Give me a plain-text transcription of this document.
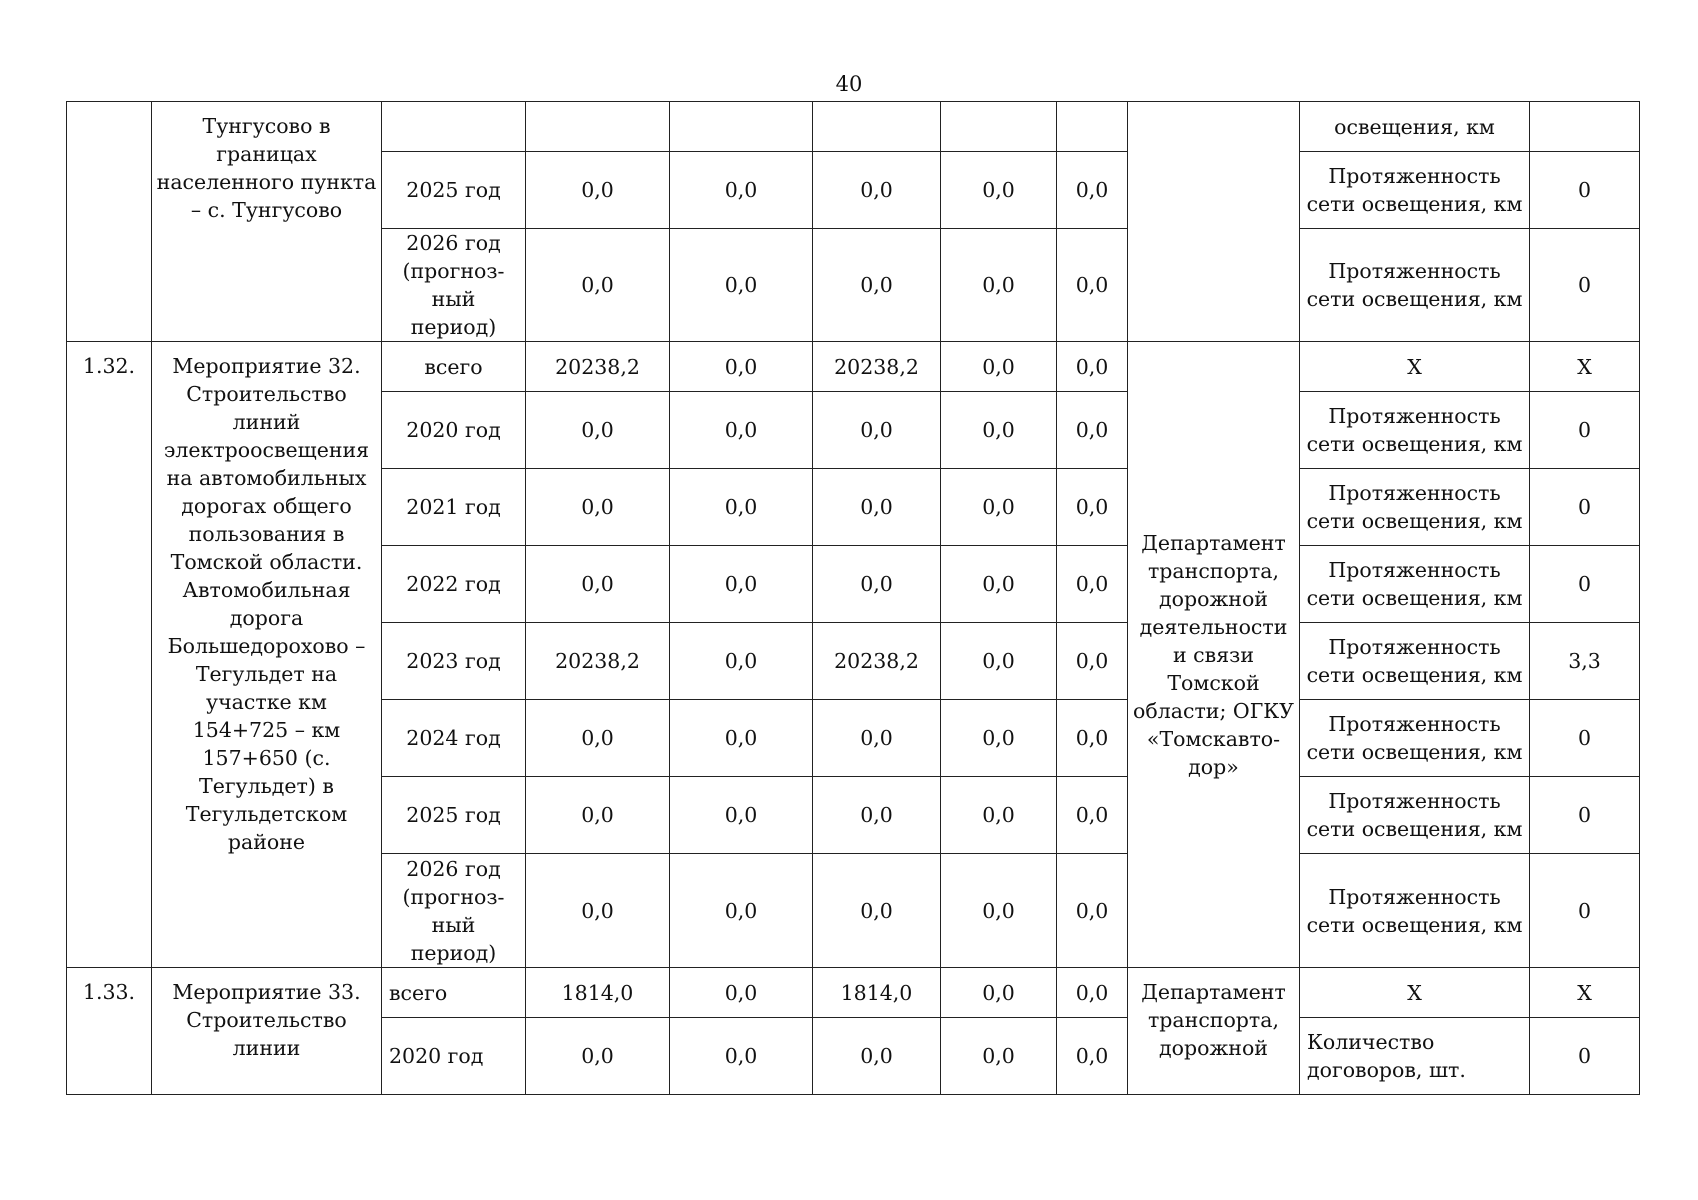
40
	Тунгусово в границах населенного пункта – с. Тунгусово								освещения, км	
		2025 год	0,0	0,0	0,0	0,0	0,0		Протяженность сети освещения, км	0
		2026 год (прогноз-ный период)	0,0	0,0	0,0	0,0	0,0		Протяженность сети освещения, км	0
1.32.	Мероприятие 32. Строительство линий электроосвещения на автомобильных дорогах общего пользования в Томской области. Автомобильная дорога Большедорохово – Тегульдет на участке км 154+725 – км 157+650 (с. Тегульдет) в Тегульдетском районе	всего	20238,2	0,0	20238,2	0,0	0,0	Департамент транспорта, дорожной деятельности и связи Томской области; ОГКУ «Томскавто-дор»	Х	Х
		2020 год	0,0	0,0	0,0	0,0	0,0		Протяженность сети освещения, км	0
		2021 год	0,0	0,0	0,0	0,0	0,0		Протяженность сети освещения, км	0
		2022 год	0,0	0,0	0,0	0,0	0,0		Протяженность сети освещения, км	0
		2023 год	20238,2	0,0	20238,2	0,0	0,0		Протяженность сети освещения, км	3,3
		2024 год	0,0	0,0	0,0	0,0	0,0		Протяженность сети освещения, км	0
		2025 год	0,0	0,0	0,0	0,0	0,0		Протяженность сети освещения, км	0
		2026 год (прогноз-ный период)	0,0	0,0	0,0	0,0	0,0		Протяженность сети освещения, км	0
1.33.	Мероприятие 33. Строительство линии	всего	1814,0	0,0	1814,0	0,0	0,0	Департамент транспорта, дорожной	Х	Х
		2020 год	0,0	0,0	0,0	0,0	0,0		Количество договоров, шт.	0
